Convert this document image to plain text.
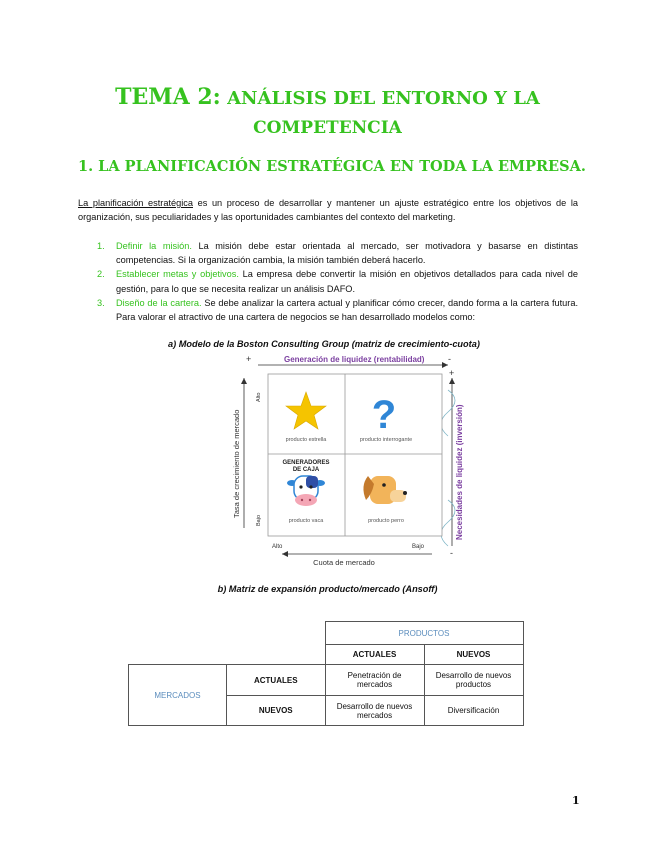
TEMA 2: ANÁLISIS DEL ENTORNO Y LA
COMPETENCIA
1. LA PLANIFICACIÓN ESTRATÉGICA EN TODA LA EMPRESA.

La planificación estratégica es un proceso de desarrollar y mantener un ajuste estratégico entre los objetivos de la organización, sus peculiaridades y las oportunidades cambiantes del contexto del marketing.

1. Definir la misión. La misión debe estar orientada al mercado, ser motivadora y basarse en distintas competencias. Si la organización cambia, la misión también deberá hacerlo.

2. Establecer metas y objetivos. La empresa debe convertir la misión en objetivos detallados para cada nivel de gestión, para lo que se necesita realizar un análisis DAFO.

3. Diseño de la cartera. Se debe analizar la cartera actual y planificar cómo crecer, dando forma a la cartera futura. Para valorar el atractivo de una cartera de negocios se han desarrollado modelos como:

a) Modelo de la Boston Consulting Group (matriz de crecimiento-cuota)
+	-
Generación de liquidez (rentabilidad)
+
-
Necesidades de liquidez (inversión)
Tasa de crecimiento de mercado
Alto
Bajo
producto estrella
?
producto interrogante
GENERADORES
DE CAJA
producto vaca	producto perro
Alto	Bajo
Cuota de mercado
b) Matriz de expansión producto/mercado (Ansoff)
		PRODUCTOS	
		ACTUALES	NUEVOS
MERCADOS	ACTUALES	Penetración de mercados	Desarrollo de nuevos productos
	NUEVOS	Desarrollo de nuevos mercados	Diversificación
1
